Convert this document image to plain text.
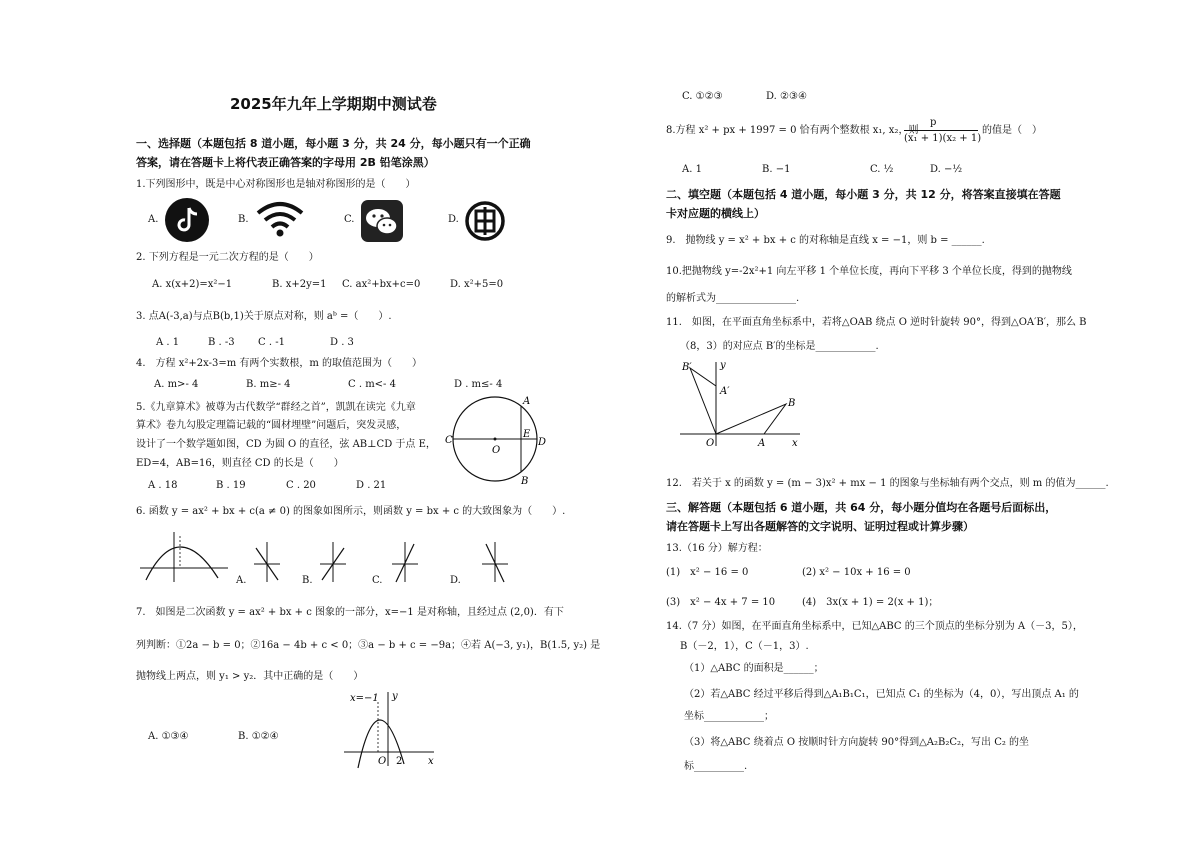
2025年九年上学期期中测试卷
一、选择题（本题包括 8 道小题，每小题 3 分，共 24 分，每小题只有一个正确
答案，请在答题卡上将代表正确答案的字母用 2B 铅笔涂黑）
1.下列图形中，既是中心对称图形也是轴对称图形的是（　　）
A.	B.	C.	D.
2. 下列方程是一元二次方程的是（　　）
A. x(x+2)=x²−1	B. x+2y=1 C. ax²+bx+c=0	D. x²+5=0
3. 点A(-3,a)与点B(b,1)关于原点对称，则 aᵇ =（　　）.
A . 1	B . -3 C . -1	D . 3
4.　方程 x²+2x-3=m 有两个实数根，m 的取值范围为（　　）
A. m>- 4	B. m≥- 4	C . m<- 4	D . m≤- 4
5.《九章算术》被尊为古代数学“群经之首”，凯凯在读完《九章
算术》卷九勾股定理篇记载的“圆材埋壁”问题后，突发灵感，
设计了一个数学题如图，CD 为圆 O 的直径，弦 AB⊥CD 于点 E，
ED=4，AB=16，则直径 CD 的长是（　　）
A . 18	B . 19	C . 20	D . 21
C
O
A
E
D
B
6. 函数 y = ax² + bx + c(a ≠ 0) 的图象如图所示，则函数 y = bx + c 的大致图象为（　　）.
A.	B.	C.	D.
7.　如图是二次函数 y = ax² + bx + c 图象的一部分，x=−1 是对称轴，且经过点 (2,0)．有下
列判断：①2a − b = 0；②16a − 4b + c < 0；③a − b + c = −9a；④若 A(−3, y₁)，B(1.5, y₂) 是
抛物线上两点，则 y₁ > y₂．其中正确的是（　　）
A. ①③④	B. ①②④
x=−1 y
x
O 2
C. ①②③	D. ②③④
8.方程 x² + px + 1997 = 0 恰有两个整数根 x₁, x₂，则
p
(x₁ + 1)(x₂ + 1)
的值是（　）
A. 1	B. −1	C. ½	D. −½
二、填空题（本题包括 4 道小题，每小题 3 分，共 12 分，将答案直接填在答题
卡对应题的横线上）
9.　抛物线 y = x² + bx + c 的对称轴是直线 x = −1，则 b = ______.
10.把抛物线 y=-2x²+1 向左平移 1 个单位长度，再向下平移 3 个单位长度，得到的抛物线
的解析式为________________.
11.　如图，在平面直角坐标系中，若将△OAB 绕点 O 逆时针旋转 90°，得到△OA′B′，那么 B
（8，3）的对应点 B′的坐标是____________.
B′
A′
B
A
O	x
y
12.　若关于 x 的函数 y = (m − 3)x² + mx − 1 的图象与坐标轴有两个交点，则 m 的值为______.
三、解答题（本题包括 6 道小题，共 64 分，每小题分值均在各题号后面标出，
请在答题卡上写出各题解答的文字说明、证明过程或计算步骤）
13.（16 分）解方程：
(1)　x² − 16 = 0	(2) x² − 10x + 16 = 0
(3)　x² − 4x + 7 = 10	(4)　3x(x + 1) = 2(x + 1)；
14.（7 分）如图，在平面直角坐标系中，已知△ABC 的三个顶点的坐标分别为 A（－3，5），
B（－2，1），C（－1，3）.
（1）△ABC 的面积是______；
（2）若△ABC 经过平移后得到△A₁B₁C₁，已知点 C₁ 的坐标为（4，0），写出顶点 A₁ 的
坐标____________；
（3）将△ABC 绕着点 O 按顺时针方向旋转 90°得到△A₂B₂C₂，写出 C₂ 的坐
标__________.
